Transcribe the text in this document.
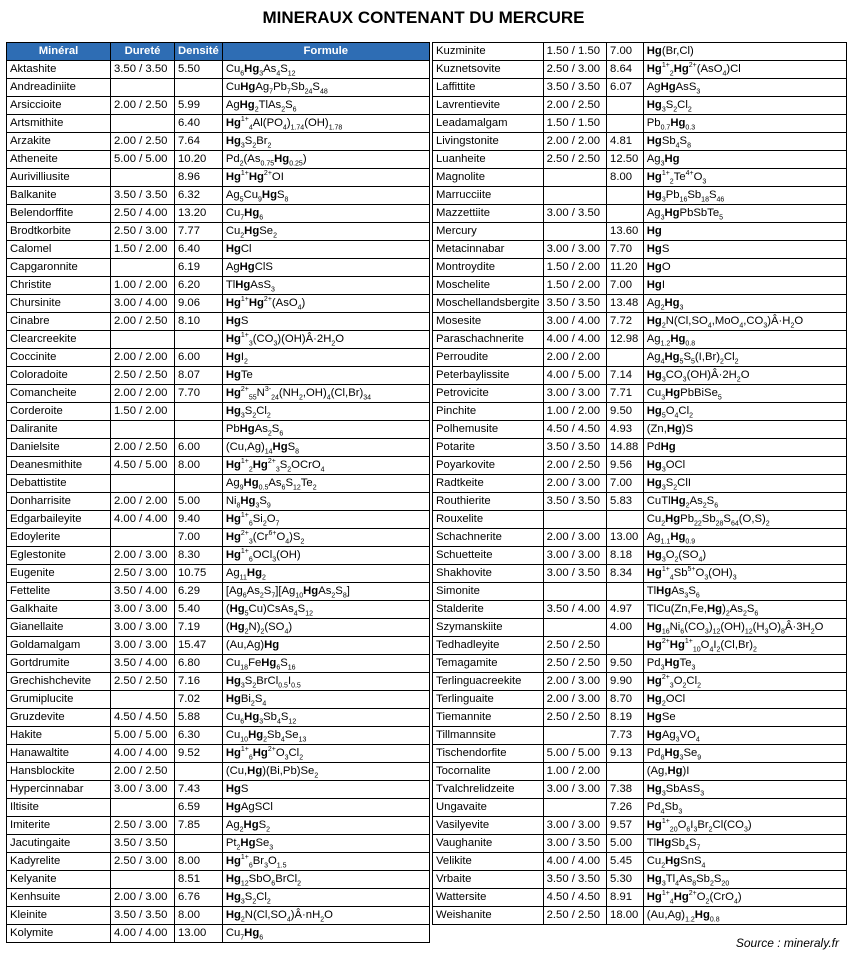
MINERAUX CONTENANT DU MERCURE
Minéral	Dureté	Densité	Formule
Aktashite	3.50 / 3.50	5.50	$Cu_6Hg_3As_4S_{12}$
Andreadiniite			$CuHgAg_7Pb_7Sb_{24}S_{48}$
Arsiccioite	2.00 / 2.50	5.99	$AgHg_2TlAs_2S_6$
Artsmithite		6.40	$Hg^{1+}_4Al(PO_4)_{1.74}(OH)_{1.78}$
Arzakite	2.00 / 2.50	7.64	$Hg_3S_2Br_2$
Atheneite	5.00 / 5.00	10.20	$Pd_2(As_{0.75}Hg_{0.25})$
Aurivilliusite		8.96	$Hg^{1+}Hg^{2+}OI$
Balkanite	3.50 / 3.50	6.32	$Ag_5Cu_9HgS_8$
Belendorffite	2.50 / 4.00	13.20	$Cu_7Hg_6$
Brodtkorbite	2.50 / 3.00	7.77	$Cu_2HgSe_2$
Calomel	1.50 / 2.00	6.40	HgCl
Capgaronnite		6.19	AgHgClS
Christite	1.00 / 2.00	6.20	TlHgAsS$_3$
Chursinite	3.00 / 4.00	9.06	$Hg^{1+}Hg^{2+}(AsO_4)$
Cinabre	2.00 / 2.50	8.10	HgS
Clearcreekite			$Hg^{1+}_3(CO_3)(OH)Â\cdot 2H_2O$
Coccinite	2.00 / 2.00	6.00	HgI$_2$
Coloradoite	2.50 / 2.50	8.07	HgTe
Comancheite	2.00 / 2.00	7.70	$Hg^{2+}_{55}N^{3-}_{24}(NH_2,OH)_4(Cl,Br)_{34}$
Corderoite	1.50 / 2.00		$Hg_3S_2Cl_2$
Daliranite			$PbHgAs_2S_6$
Danielsite	2.00 / 2.50	6.00	$(Cu,Ag)_{14}HgS_8$
Deanesmithite	4.50 / 5.00	8.00	$Hg^{1+}_2Hg^{2+}_3S_2OCrO_4$
Debattistite			$Ag_9Hg_{0.5}As_6S_{12}Te_2$
Donharrisite	2.00 / 2.00	5.00	$Ni_8Hg_3S_9$
Edgarbaileyite	4.00 / 4.00	9.40	$Hg^{1+}_6Si_2O_7$
Edoylerite		7.00	$Hg^{2+}_3(Cr^{6+}O_4)S_2$
Eglestonite	2.00 / 3.00	8.30	$Hg^{1+}_6OCl_3(OH)$
Eugenite	2.50 / 3.00	10.75	$Ag_{11}Hg_2$
Fettelite	3.50 / 4.00	6.29	$[Ag_6As_2S_7][Ag_{10}HgAs_2S_8]$
Galkhaite	3.00 / 3.00	5.40	$(Hg_5Cu)CsAs_4S_{12}$
Gianellaite	3.00 / 3.00	7.19	$(Hg_2N)_2(SO_4)$
Goldamalgam	3.00 / 3.00	15.47	(Au,Ag)Hg
Gortdrumite	3.50 / 4.00	6.80	$Cu_{18}FeHg_6S_{16}$
Grechishchevite	2.50 / 2.50	7.16	$Hg_3S_2BrCl_{0.5}I_{0.5}$
Grumiplucite		7.02	$HgBi_2S_4$
Gruzdevite	4.50 / 4.50	5.88	$Cu_6Hg_3Sb_4S_{12}$
Hakite	5.00 / 5.00	6.30	$Cu_{10}Hg_2Sb_4Se_{13}$
Hanawaltite	4.00 / 4.00	9.52	$Hg^{1+}_6Hg^{2+}O_3Cl_2$
Hansblockite	2.00 / 2.50		$(Cu,Hg)(Bi,Pb)Se_2$
Hypercinnabar	3.00 / 3.00	7.43	HgS
Iltisite		6.59	HgAgSCl
Imiterite	2.50 / 3.00	7.85	$Ag_2HgS_2$
Jacutingaite	3.50 / 3.50		$Pt_2HgSe_3$
Kadyrelite	2.50 / 3.00	8.00	$Hg^{1+}_6Br_3O_{1.5}$
Kelyanite		8.51	$Hg_{12}SbO_6BrCl_2$
Kenhsuite	2.00 / 3.00	6.76	$Hg_3S_2Cl_2$
Kleinite	3.50 / 3.50	8.00	$Hg_2N(Cl,SO_4)Â\cdot nH_2O$
Kolymite	4.00 / 4.00	13.00	$Cu_7Hg_6$
Kuzminite	1.50 / 1.50	7.00	Hg(Br,Cl)
Kuznetsovite	2.50 / 3.00	8.64	$Hg^{1+}_2Hg^{2+}(AsO_4)Cl$
Laffittite	3.50 / 3.50	6.07	AgHgAsS$_3$
Lavrentievite	2.00 / 2.50		$Hg_3S_2Cl_2$
Leadamalgam	1.50 / 1.50		$Pb_{0.7}Hg_{0.3}$
Livingstonite	2.00 / 2.00	4.81	$HgSb_4S_8$
Luanheite	2.50 / 2.50	12.50	$Ag_3Hg$
Magnolite		8.00	$Hg^{1+}_2Te^{4+}O_3$
Marrucciite			$Hg_3Pb_{16}Sb_{18}S_{46}$
Mazzettiite	3.00 / 3.50		$Ag_3HgPbSbTe_5$
Mercury		13.60	Hg
Metacinnabar	3.00 / 3.00	7.70	HgS
Montroydite	1.50 / 2.00	11.20	HgO
Moschelite	1.50 / 2.00	7.00	HgI
Moschellandsbergite	3.50 / 3.50	13.48	$Ag_2Hg_3$
Mosesite	3.00 / 4.00	7.72	$Hg_2N(Cl,SO_4,MoO_4,CO_3)Â\cdot H_2O$
Paraschachnerite	4.00 / 4.00	12.98	$Ag_{1.2}Hg_{0.8}$
Perroudite	2.00 / 2.00		$Ag_4Hg_5S_5(I,Br)_2Cl_2$
Peterbaylissite	4.00 / 5.00	7.14	$Hg_3CO_3(OH)Â\cdot 2H_2O$
Petrovicite	3.00 / 3.00	7.71	$Cu_3HgPbBiSe_5$
Pinchite	1.00 / 2.00	9.50	$Hg_5O_4Cl_2$
Polhemusite	4.50 / 4.50	4.93	(Zn,Hg)S
Potarite	3.50 / 3.50	14.88	PdHg
Poyarkovite	2.00 / 2.50	9.56	$Hg_3OCl$
Radtkeite	2.00 / 3.00	7.00	$Hg_3S_2ClI$
Routhierite	3.50 / 3.50	5.83	$CuTlHg_2As_2S_6$
Rouxelite			$Cu_2HgPb_{22}Sb_{28}S_{64}(O,S)_2$
Schachnerite	2.00 / 3.00	13.00	$Ag_{1.1}Hg_{0.9}$
Schuetteite	3.00 / 3.00	8.18	$Hg_3O_2(SO_4)$
Shakhovite	3.00 / 3.50	8.34	$Hg^{1+}_4Sb^{5+}O_3(OH)_3$
Simonite			$TlHgAs_3S_6$
Stalderite	3.50 / 4.00	4.97	$TlCu(Zn,Fe,Hg)_2As_2S_6$
Szymanskiite		4.00	$Hg_{16}Ni_6(CO_3)_{12}(OH)_{12}(H_3O)_8Â\cdot 3H_2O$
Tedhadleyite	2.50 / 2.50		$Hg^{2+}Hg^{1+}_{10}O_4I_2(Cl,Br)_2$
Temagamite	2.50 / 2.50	9.50	$Pd_3HgTe_3$
Terlinguacreekite	2.00 / 3.00	9.90	$Hg^{2+}_3O_2Cl_2$
Terlinguaite	2.00 / 3.00	8.70	$Hg_2OCl$
Tiemannite	2.50 / 2.50	8.19	HgSe
Tillmannsite		7.73	$HgAg_3VO_4$
Tischendorfite	5.00 / 5.00	9.13	$Pd_8Hg_3Se_9$
Tocornalite	1.00 / 2.00		(Ag,Hg)I
Tvalchrelidzeite	3.00 / 3.00	7.38	$Hg_3SbAsS_3$
Ungavaite		7.26	$Pd_4Sb_3$
Vasilyevite	3.00 / 3.00	9.57	$Hg^{1+}_{20}O_6I_3Br_2Cl(CO_3)$
Vaughanite	3.00 / 3.50	5.00	$TlHgSb_4S_7$
Velikite	4.00 / 4.00	5.45	$Cu_2HgSnS_4$
Vrbaite	3.50 / 3.50	5.30	$Hg_3Tl_4As_8Sb_2S_{20}$
Wattersite	4.50 / 4.50	8.91	$Hg^{1+}_4Hg^{2+}O_2(CrO_4)$
Weishanite	2.50 / 2.50	18.00	$(Au,Ag)_{1.2}Hg_{0.8}$
Source : mineraly.fr
